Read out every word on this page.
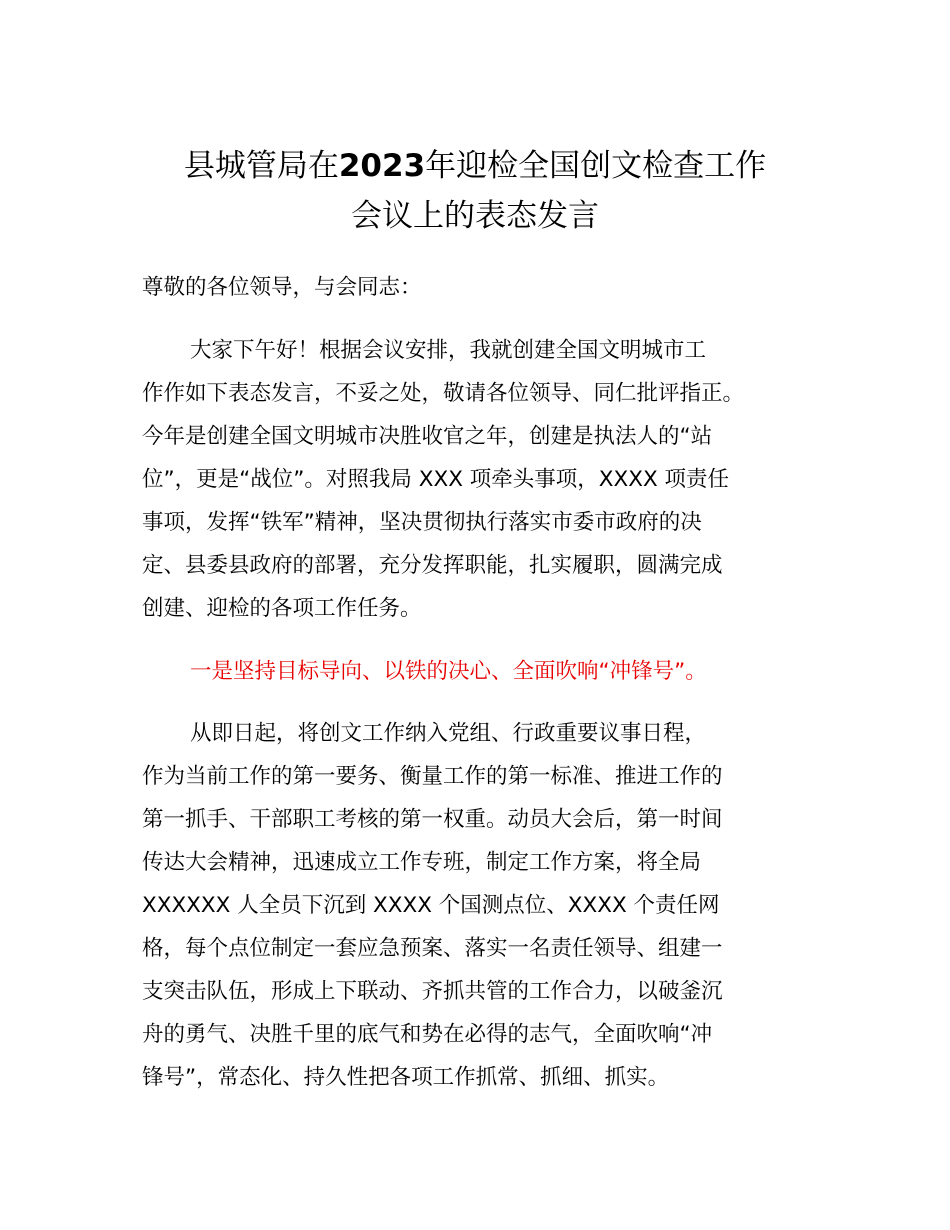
县城管局在2023年迎检全国创文检查工作
会议上的表态发言

尊敬的各位领导，与会同志：

大家下午好！根据会议安排，我就创建全国文明城市工

作作如下表态发言，不妥之处，敬请各位领导、同仁批评指正。

今年是创建全国文明城市决胜收官之年，创建是执法人的“站

位”，更是“战位”。对照我局 XXX 项牵头事项，XXXX 项责任

事项，发挥“铁军”精神，坚决贯彻执行落实市委市政府的决

定、县委县政府的部署，充分发挥职能，扎实履职，圆满完成

创建、迎检的各项工作任务。

一是坚持目标导向、以铁的决心、全面吹响“冲锋号”。

从即日起，将创文工作纳入党组、行政重要议事日程，

作为当前工作的第一要务、衡量工作的第一标准、推进工作的

第一抓手、干部职工考核的第一权重。动员大会后，第一时间

传达大会精神，迅速成立工作专班，制定工作方案，将全局

XXXXXX 人全员下沉到 XXXX 个国测点位、XXXX 个责任网

格，每个点位制定一套应急预案、落实一名责任领导、组建一

支突击队伍，形成上下联动、齐抓共管的工作合力，以破釜沉

舟的勇气、决胜千里的底气和势在必得的志气，全面吹响“冲

锋号”，常态化、持久性把各项工作抓常、抓细、抓实。
